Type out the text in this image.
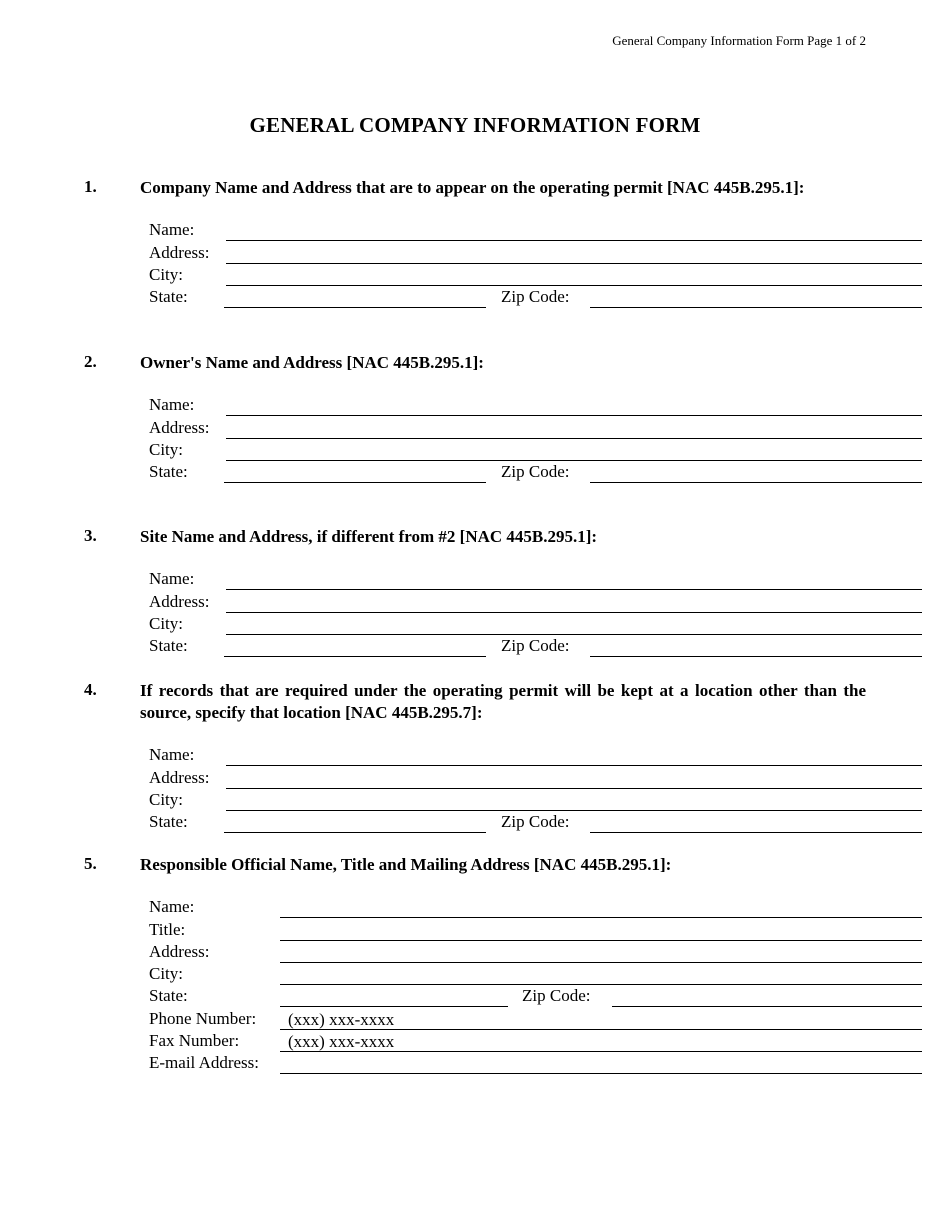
General Company Information Form Page 1 of 2
GENERAL COMPANY INFORMATION FORM
1.	Company Name and Address that are to appear on the operating permit [NAC 445B.295.1]:
Name:
Address:
City:
State:	Zip Code:
2.	Owner's Name and Address [NAC 445B.295.1]:
Name:
Address:
City:
State:	Zip Code:
3.	Site Name and Address, if different from #2 [NAC 445B.295.1]:
Name:
Address:
City:
State:	Zip Code:
4.	If records that are required under the operating permit will be kept at a location other than the source, specify that location [NAC 445B.295.7]:
Name:
Address:
City:
State:	Zip Code:
5.	Responsible Official Name, Title and Mailing Address [NAC 445B.295.1]:
Name:
Title:
Address:
City:
State:	Zip Code:
Phone Number:	(xxx) xxx-xxxx
Fax Number:	(xxx) xxx-xxxx
E-mail Address:
